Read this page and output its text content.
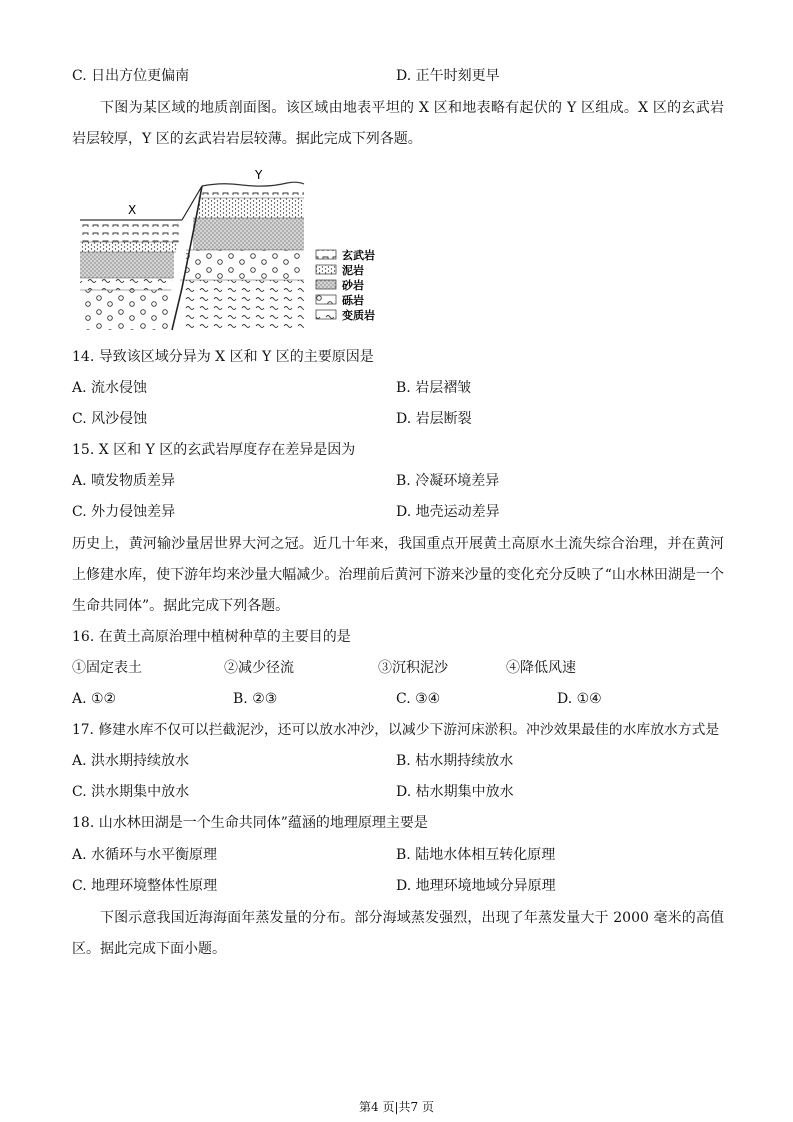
C. 日出方位更偏南	D. 正午时刻更早
下图为某区域的地质剖面图。该区域由地表平坦的 X 区和地表略有起伏的 Y 区组成。X 区的玄武岩岩层较厚，Y 区的玄武岩岩层较薄。据此完成下列各题。
X
Y
玄武岩
泥岩
砂岩
砾岩
变质岩
14. 导致该区域分异为 X 区和 Y 区的主要原因是
A. 流水侵蚀	B. 岩层褶皱
C. 风沙侵蚀	D. 岩层断裂
15. X 区和 Y 区的玄武岩厚度存在差异是因为
A. 喷发物质差异	B. 冷凝环境差异
C. 外力侵蚀差异	D. 地壳运动差异
历史上，黄河输沙量居世界大河之冠。近几十年来，我国重点开展黄土高原水土流失综合治理，并在黄河上修建水库，使下游年均来沙量大幅减少。治理前后黄河下游来沙量的变化充分反映了“山水林田湖是一个生命共同体”。据此完成下列各题。
16. 在黄土高原治理中植树种草的主要目的是
①固定表土	②减少径流	③沉积泥沙	④降低风速
A. ①②	B. ②③	C. ③④	D. ①④
17. 修建水库不仅可以拦截泥沙，还可以放水冲沙，以减少下游河床淤积。冲沙效果最佳的水库放水方式是
A. 洪水期持续放水	B. 枯水期持续放水
C. 洪水期集中放水	D. 枯水期集中放水
18. 山水林田湖是一个生命共同体”蕴涵的地理原理主要是
A. 水循环与水平衡原理	B. 陆地水体相互转化原理
C. 地理环境整体性原理	D. 地理环境地域分异原理
下图示意我国近海海面年蒸发量的分布。部分海域蒸发强烈，出现了年蒸发量大于 2000 毫米的高值区。据此完成下面小题。
第4 页|共7 页
